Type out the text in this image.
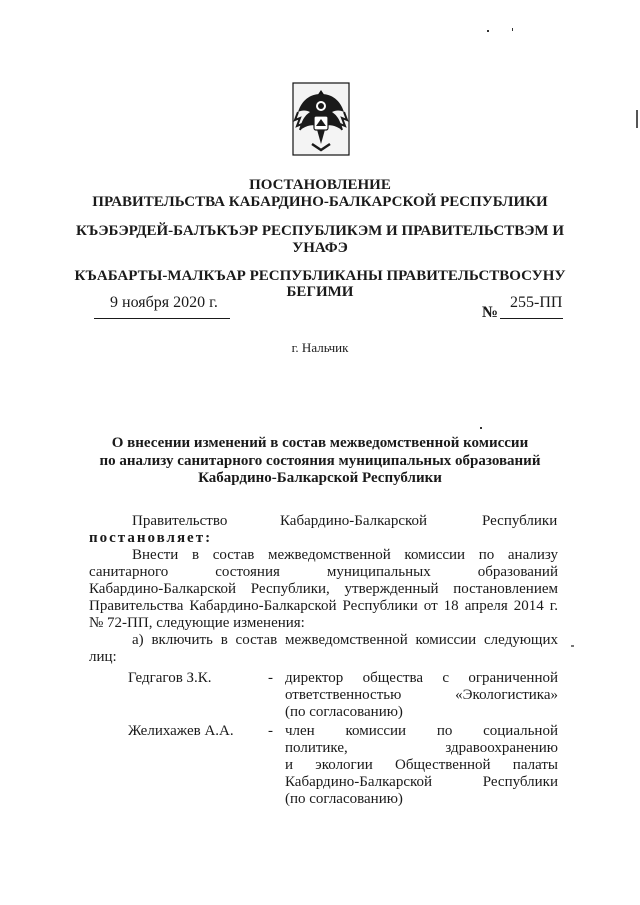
ПОСТАНОВЛЕНИЕ
ПРАВИТЕЛЬСТВА КАБАРДИНО-БАЛКАРСКОЙ РЕСПУБЛИКИ
КЪЭБЭРДЕЙ-БАЛЪКЪЭР РЕСПУБЛИКЭМ И ПРАВИТЕЛЬСТВЭМ И
УНАФЭ
КЪАБАРТЫ-МАЛКЪАР РЕСПУБЛИКАНЫ ПРАВИТЕЛЬСТВОСУНУ
БЕГИМИ
9 ноября 2020 г.
№
255-ПП
г. Нальчик
О внесении изменений в состав межведомственной комиссии
по анализу санитарного состояния муниципальных образований
Кабардино-Балкарской Республики
Правительство	Кабардино-Балкарской	Республики
постановляет:
Внести в состав межведомственной комиссии по анализу
санитарного состояния муниципальных образований
Кабардино-Балкарской Республики, утвержденный постановлением
Правительства Кабардино-Балкарской Республики от 18 апреля 2014 г.
№ 72-ПП, следующие изменения:
а) включить в состав межведомственной комиссии следующих
лиц:
Гедгагов З.К.	- директор общества с ограниченной
ответственностью «Экологистика»
(по согласованию)
Желихажев А.А. - член комиссии по социальной
политике, здравоохранению
и экологии Общественной палаты
Кабардино-Балкарской Республики
(по согласованию)
